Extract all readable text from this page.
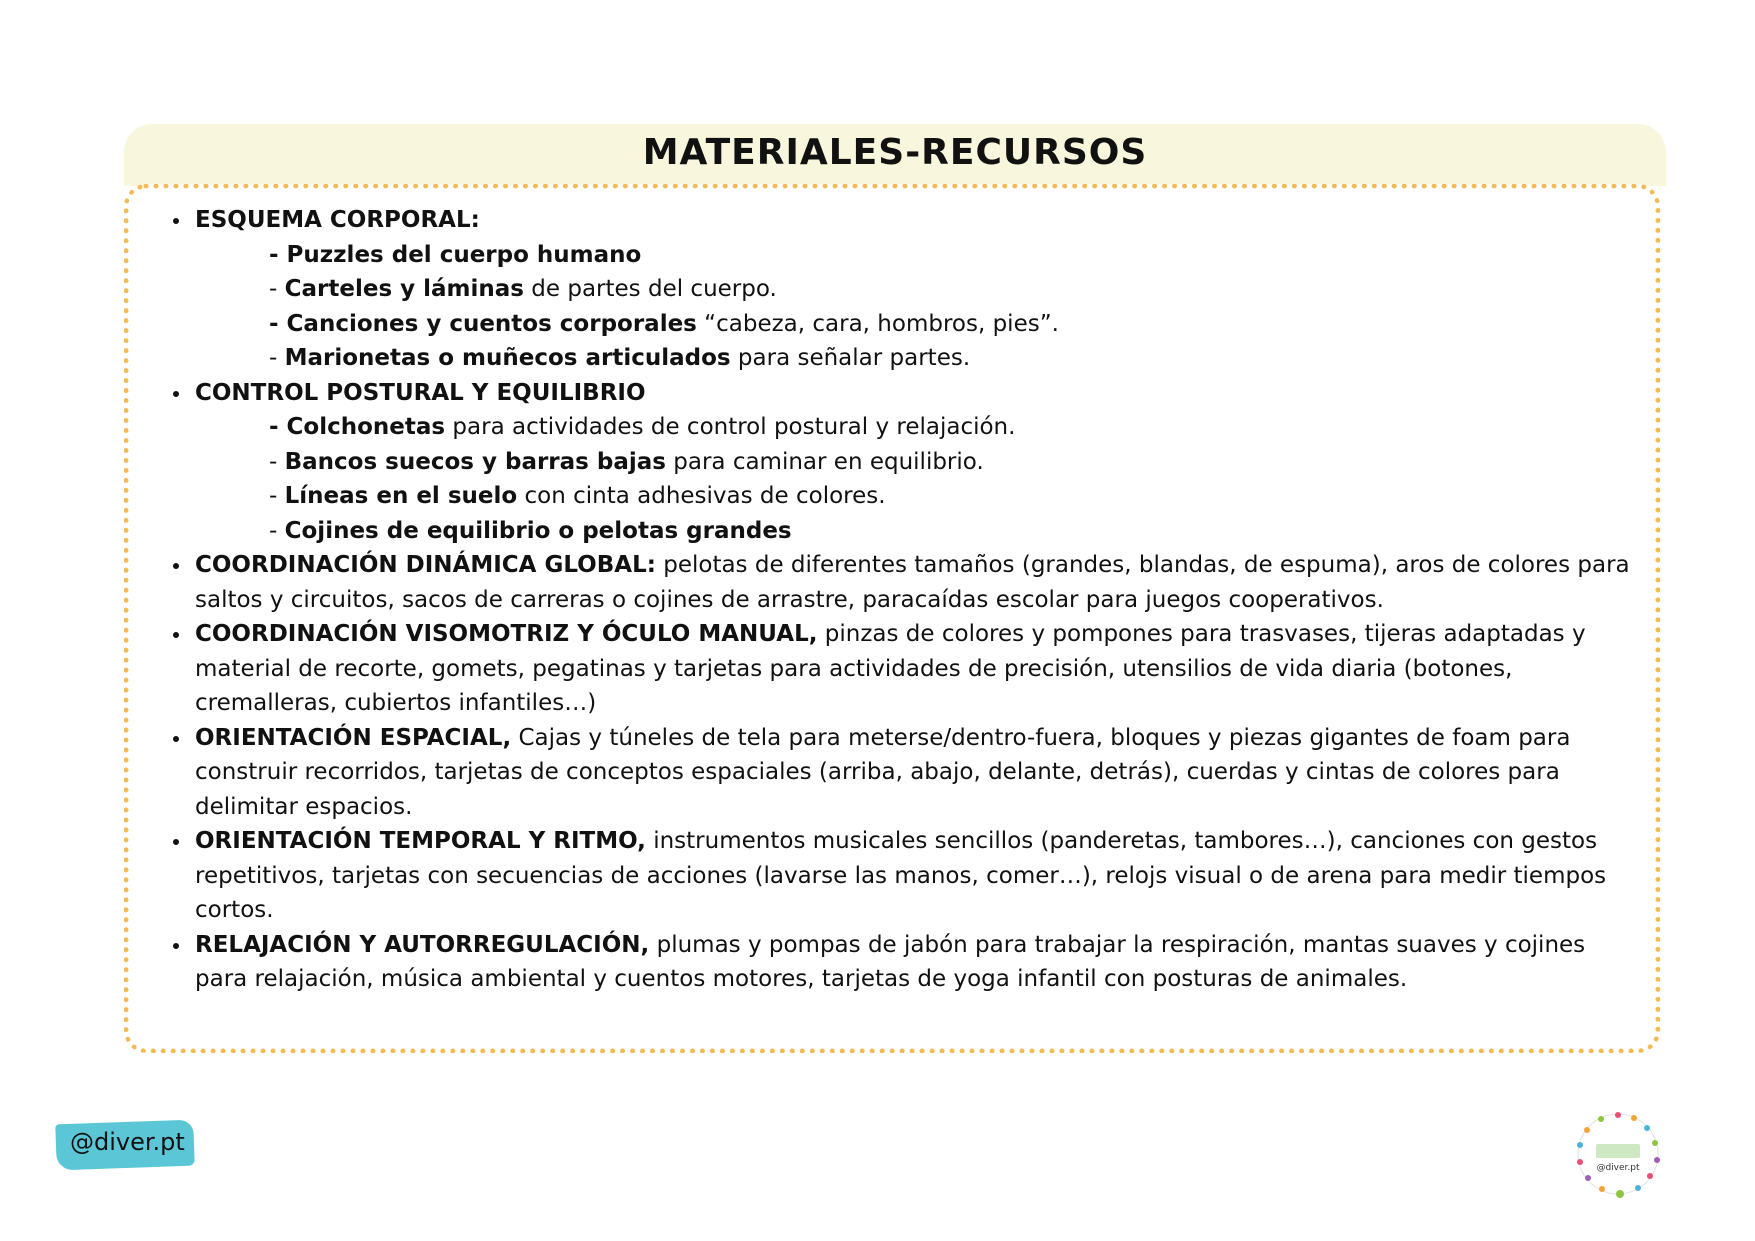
MATERIALES-RECURSOS
ESQUEMA CORPORAL:
- Puzzles del cuerpo humano
- Carteles y láminas de partes del cuerpo.
- Canciones y cuentos corporales “cabeza, cara, hombros, pies”.
- Marionetas o muñecos articulados para señalar partes.
CONTROL POSTURAL Y EQUILIBRIO
- Colchonetas para actividades de control postural y relajación.
- Bancos suecos y barras bajas para caminar en equilibrio.
- Líneas en el suelo con cinta adhesivas de colores.
- Cojines de equilibrio o pelotas grandes
COORDINACIÓN DINÁMICA GLOBAL: pelotas de diferentes tamaños (grandes, blandas, de espuma), aros de colores para saltos y circuitos, sacos de carreras o cojines de arrastre, paracaídas escolar para juegos cooperativos.
COORDINACIÓN VISOMOTRIZ Y ÓCULO MANUAL, pinzas de colores y pompones para trasvases, tijeras adaptadas y material de recorte, gomets, pegatinas y tarjetas para actividades de precisión, utensilios de vida diaria (botones, cremalleras, cubiertos infantiles…)
ORIENTACIÓN ESPACIAL, Cajas y túneles de tela para meterse/dentro-fuera, bloques y piezas gigantes de foam para construir recorridos, tarjetas de conceptos espaciales (arriba, abajo, delante, detrás), cuerdas y cintas de colores para delimitar espacios.
ORIENTACIÓN TEMPORAL Y RITMO, instrumentos musicales sencillos (panderetas, tambores…), canciones con gestos repetitivos, tarjetas con secuencias de acciones (lavarse las manos, comer…), relojs visual o de arena para medir tiempos cortos.
RELAJACIÓN Y AUTORREGULACIÓN, plumas y pompas de jabón para trabajar la respiración, mantas suaves y cojines para relajación, música ambiental y cuentos motores, tarjetas de yoga infantil con posturas de animales.
@diver.pt
@diver.pt
